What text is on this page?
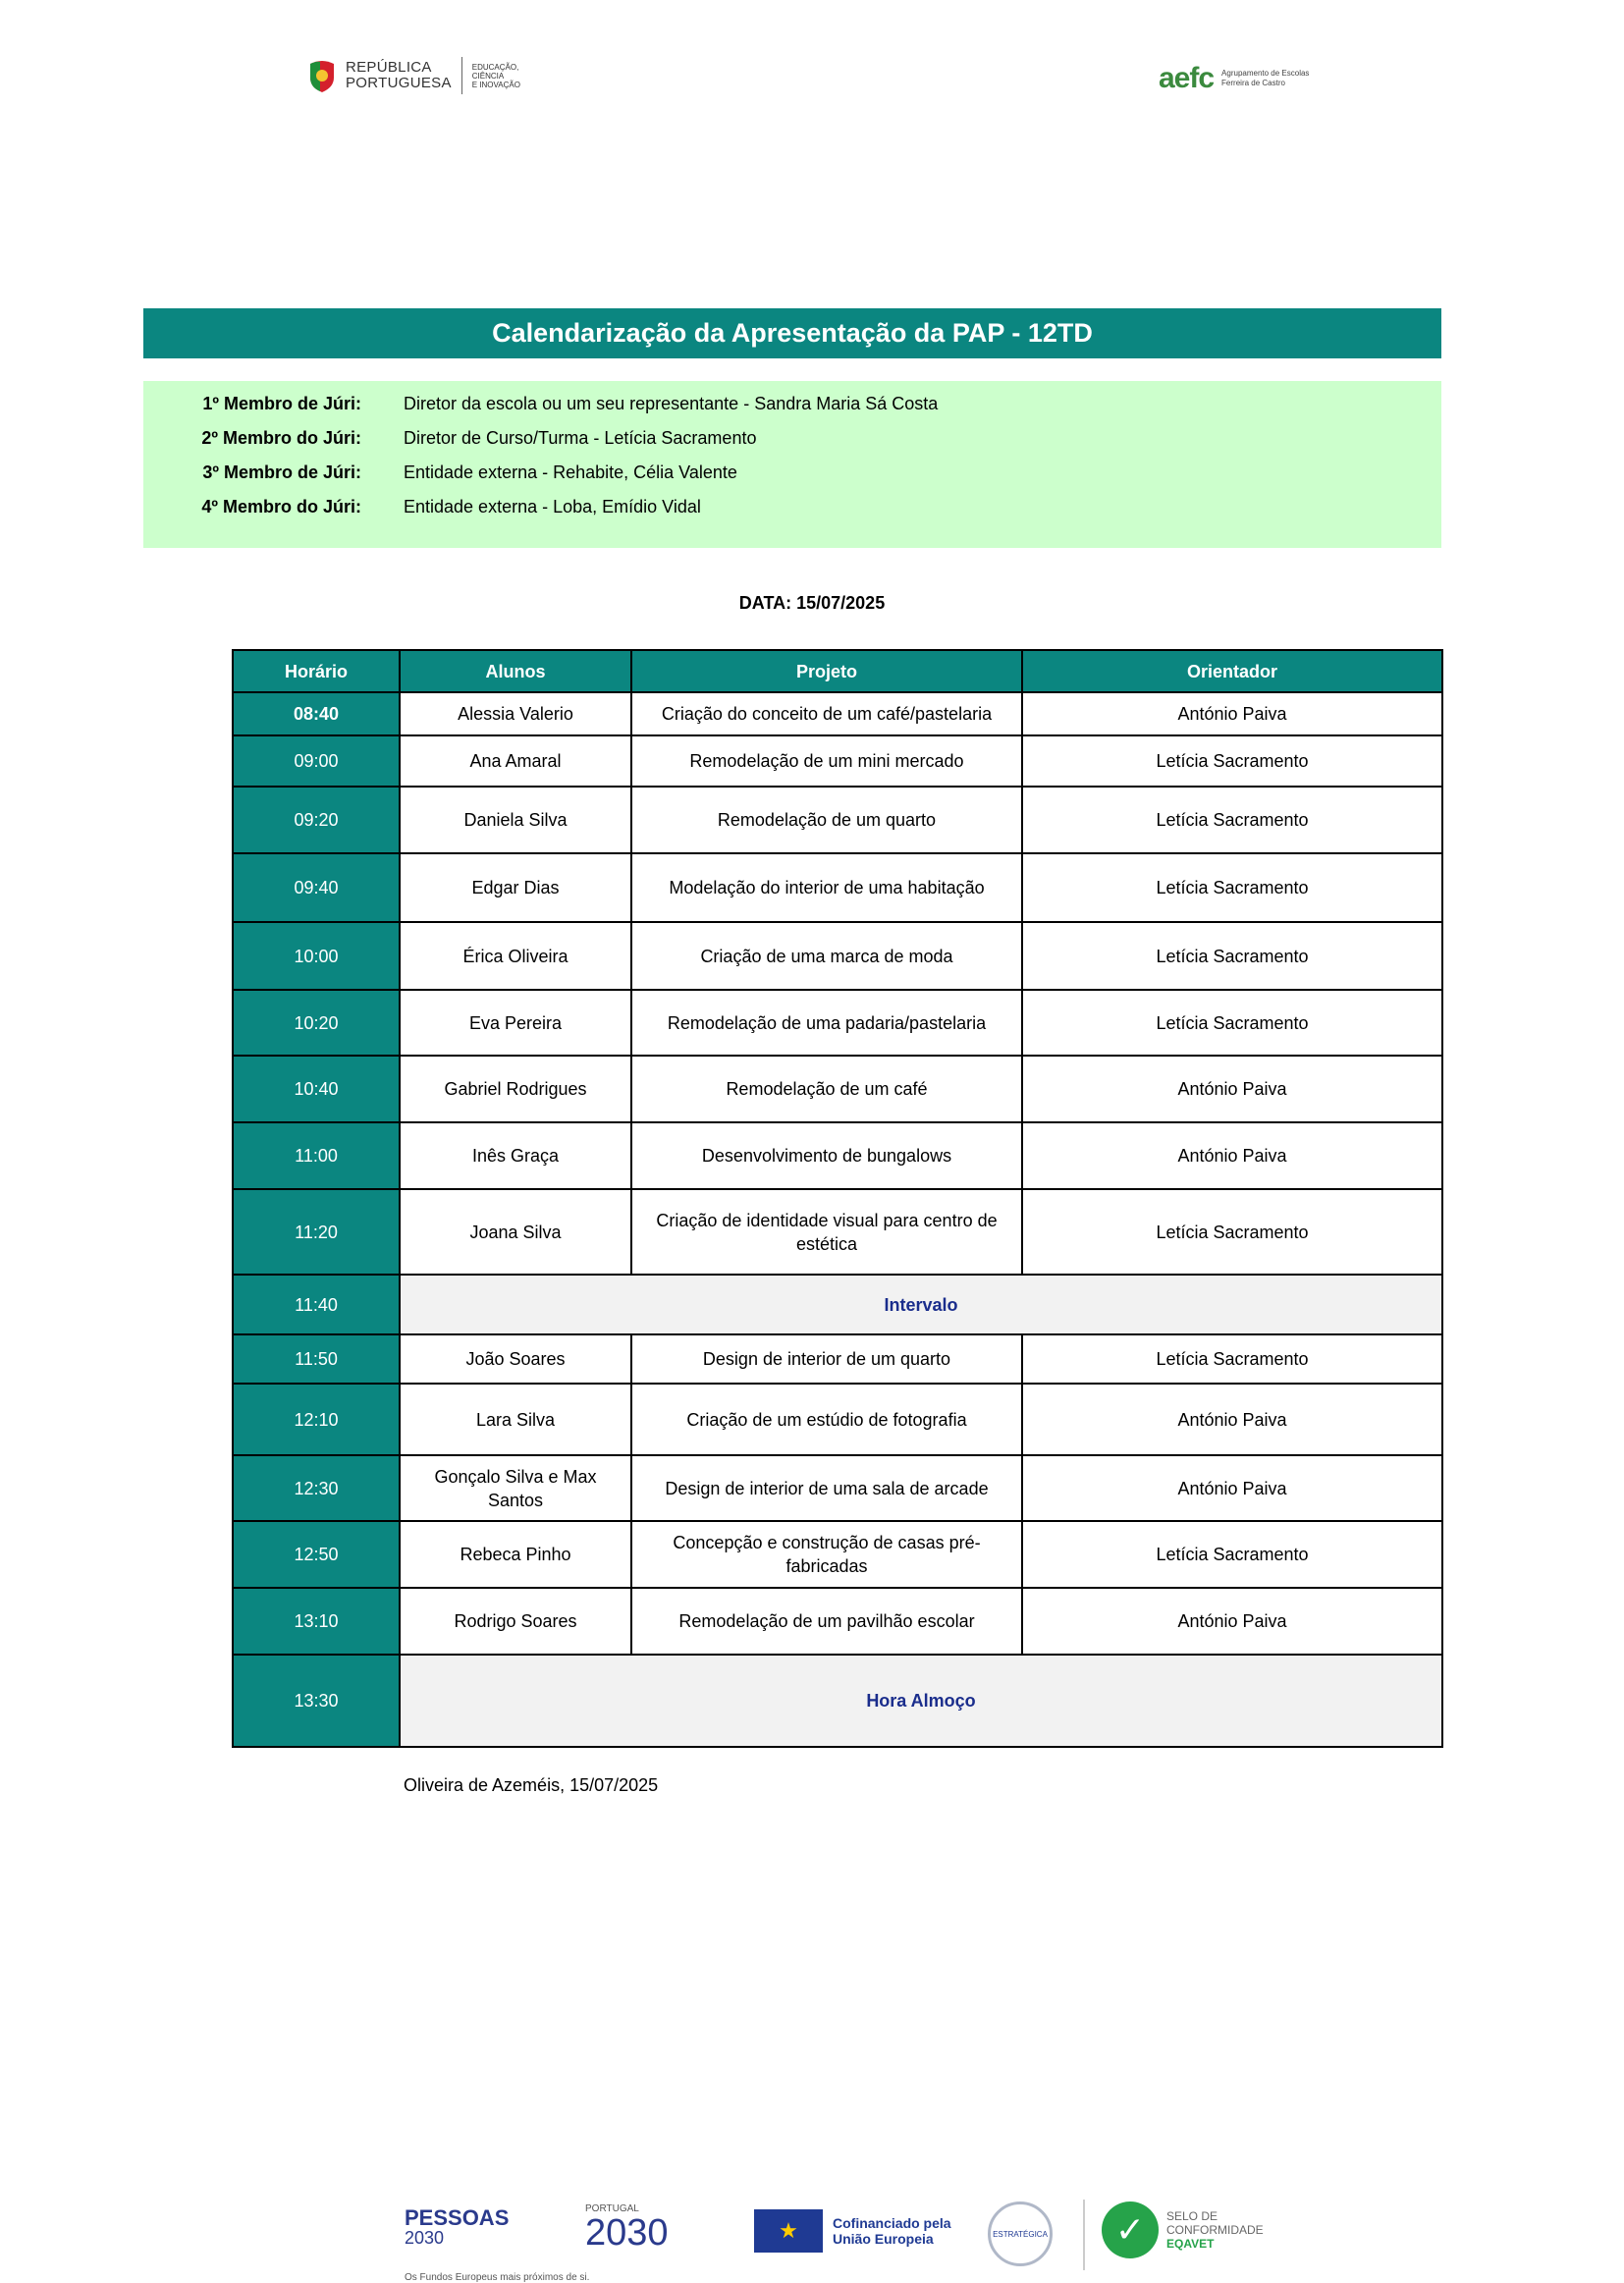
REPÚBLICA
PORTUGUESA
EDUCAÇÃO, CIÊNCIA
E INOVAÇÃO	aefc Agrupamento de Escolas
Ferreira de Castro
Calendarização da Apresentação da PAP - 12TD
1º Membro de Júri: Diretor da escola ou um seu representante - Sandra Maria Sá Costa
2º Membro do Júri: Diretor de Curso/Turma - Letícia Sacramento
3º Membro de Júri: Entidade externa - Rehabite, Célia Valente
4º Membro do Júri: Entidade externa - Loba, Emídio Vidal
DATA: 15/07/2025
Horário	Alunos	Projeto	Orientador
08:40	Alessia Valerio	Criação do conceito de um café/pastelaria	António Paiva
09:00	Ana Amaral	Remodelação de um mini mercado	Letícia Sacramento
09:20	Daniela Silva	Remodelação de um quarto	Letícia Sacramento
09:40	Edgar Dias	Modelação do interior de uma habitação	Letícia Sacramento
10:00	Érica Oliveira	Criação de uma marca de moda	Letícia Sacramento
10:20	Eva Pereira	Remodelação de uma padaria/pastelaria	Letícia Sacramento
10:40	Gabriel Rodrigues	Remodelação de um café	António Paiva
11:00	Inês Graça	Desenvolvimento de bungalows	António Paiva
11:20	Joana Silva	Criação de identidade visual para centro de estética	Letícia Sacramento
11:40	Intervalo		
11:50	João Soares	Design de interior de um quarto	Letícia Sacramento
12:10	Lara Silva	Criação de um estúdio de fotografia	António Paiva
12:30	Gonçalo Silva e Max Santos	Design de interior de uma sala de arcade	António Paiva
12:50	Rebeca Pinho	Concepção e construção de casas pré-fabricadas	Letícia Sacramento
13:10	Rodrigo Soares	Remodelação de um pavilhão escolar	António Paiva
13:30	Hora Almoço		
Oliveira de Azeméis, 15/07/2025
PESSOAS
2030
Os Fundos Europeus mais próximos de si.
PORTUGAL
2030	★	Cofinanciado pela
União Europeia	ESTRATÉGICA	✓	SELO DE
CONFORMIDADE
EQAVET
